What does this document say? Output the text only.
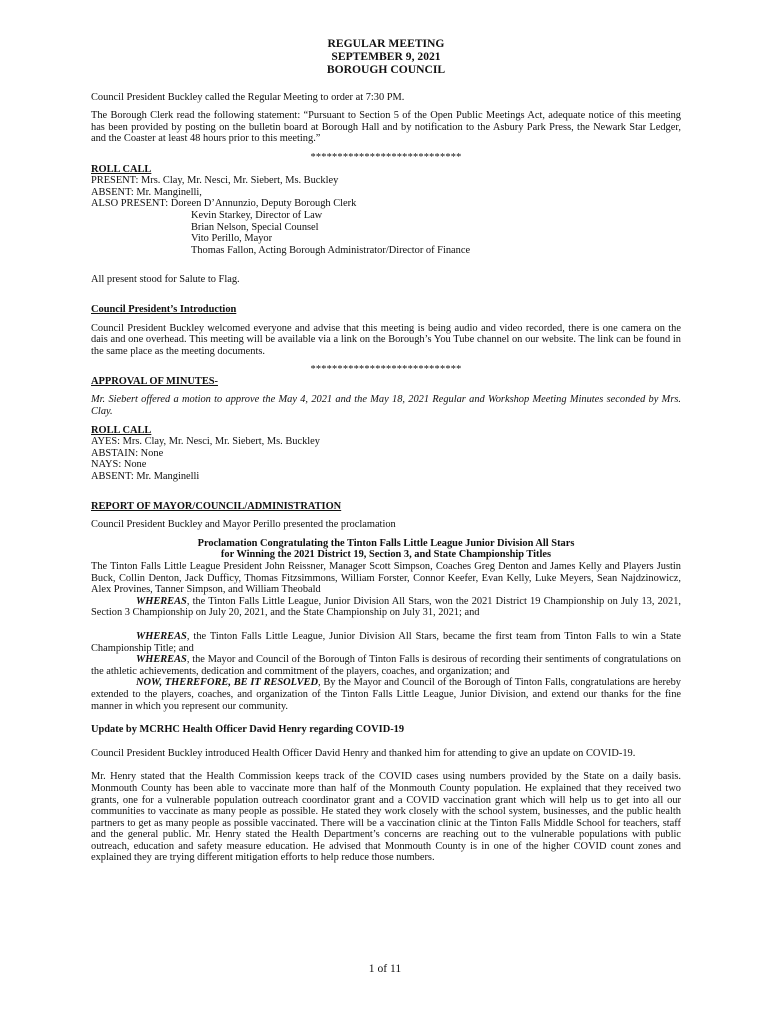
REGULAR MEETING
SEPTEMBER 9, 2021
BOROUGH COUNCIL

Council President Buckley called the Regular Meeting to order at 7:30 PM.

The Borough Clerk read the following statement: “Pursuant to Section 5 of the Open Public Meetings Act, adequate notice of this meeting has been provided by posting on the bulletin board at Borough Hall and by notification to the Asbury Park Press, the Newark Star Ledger, and the Coaster at least 48 hours prior to this meeting.”

****************************
ROLL CALL
PRESENT: Mrs. Clay, Mr. Nesci, Mr. Siebert, Ms. Buckley
ABSENT: Mr. Manginelli,
ALSO PRESENT: Doreen D’Annunzio, Deputy Borough Clerk
Kevin Starkey, Director of Law
Brian Nelson, Special Counsel
Vito Perillo, Mayor
Thomas Fallon, Acting Borough Administrator/Director of Finance

All present stood for Salute to Flag.

Council President’s Introduction

Council President Buckley welcomed everyone and advise that this meeting is being audio and video recorded, there is one camera on the dais and one overhead. This meeting will be available via a link on the Borough’s You Tube channel on our website. The link can be found in the same place as the meeting documents.

****************************
APPROVAL OF MINUTES-

Mr. Siebert offered a motion to approve the May 4, 2021 and the May 18, 2021 Regular and Workshop Meeting Minutes seconded by Mrs. Clay.

ROLL CALL
AYES: Mrs. Clay, Mr. Nesci, Mr. Siebert, Ms. Buckley
ABSTAIN: None
NAYS: None
ABSENT: Mr. Manginelli
REPORT OF MAYOR/COUNCIL/ADMINISTRATION

Council President Buckley and Mayor Perillo presented the proclamation

Proclamation Congratulating the Tinton Falls Little League Junior Division All Stars
for Winning the 2021 District 19, Section 3, and State Championship Titles

The Tinton Falls Little League President John Reissner, Manager Scott Simpson, Coaches Greg Denton and James Kelly and Players Justin Buck, Collin Denton, Jack Dufficy, Thomas Fitzsimmons, William Forster, Connor Keefer, Evan Kelly, Luke Meyers, Sean Najdzinowicz, Alex Provines, Tanner Simpson, and William Theobald

WHEREAS, the Tinton Falls Little League, Junior Division All Stars, won the 2021 District 19 Championship on July 13, 2021, Section 3 Championship on July 20, 2021, and the State Championship on July 31, 2021; and

WHEREAS, the Tinton Falls Little League, Junior Division All Stars, became the first team from Tinton Falls to win a State Championship Title; and

WHEREAS, the Mayor and Council of the Borough of Tinton Falls is desirous of recording their sentiments of congratulations on the athletic achievements, dedication and commitment of the players, coaches, and organization; and

NOW, THEREFORE, BE IT RESOLVED, By the Mayor and Council of the Borough of Tinton Falls, congratulations are hereby extended to the players, coaches, and organization of the Tinton Falls Little League, Junior Division, and extend our thanks for the fine manner in which you represent our community.

Update by MCRHC Health Officer David Henry regarding COVID-19

Council President Buckley introduced Health Officer David Henry and thanked him for attending to give an update on COVID-19.

Mr. Henry stated that the Health Commission keeps track of the COVID cases using numbers provided by the State on a daily basis. Monmouth County has been able to vaccinate more than half of the Monmouth County population. He explained that they received two grants, one for a vulnerable population outreach coordinator grant and a COVID vaccination grant which will help us to get into all our communities to vaccinate as many people as possible. He stated they work closely with the school system, businesses, and the public health partners to get as many people as possible vaccinated. There will be a vaccination clinic at the Tinton Falls Middle School for teachers, staff and the general public. Mr. Henry stated the Health Department’s concerns are reaching out to the vulnerable populations with public outreach, education and safety measure education. He advised that Monmouth County is in one of the higher COVID count zones and explained they are trying different mitigation efforts to help reduce those numbers.

1 of 11
